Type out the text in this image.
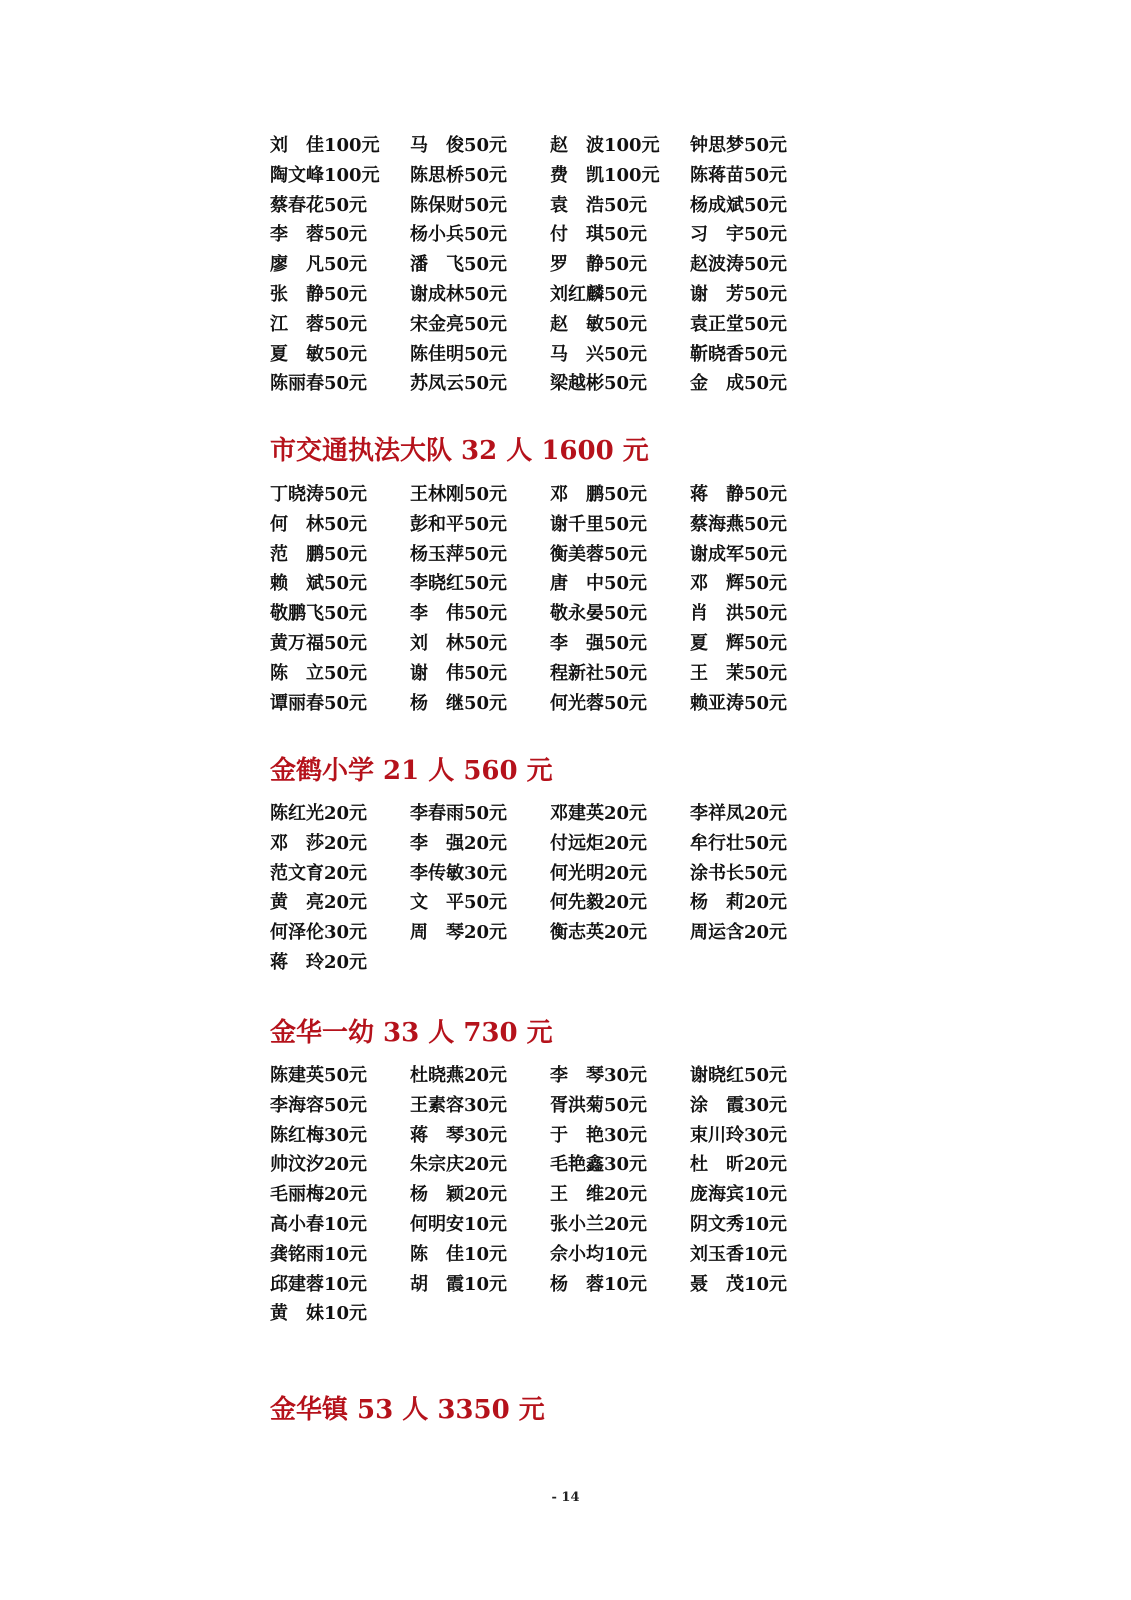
刘　佳100元	马　俊50元	赵　波100元	钟思梦50元
陶文峰100元	陈思桥50元	费　凯100元	陈蒋苗50元
蔡春花50元	陈保财50元	袁　浩50元	杨成斌50元
李　蓉50元	杨小兵50元	付　琪50元	习　宇50元
廖　凡50元	潘　飞50元	罗　静50元	赵波涛50元
张　静50元	谢成林50元	刘红麟50元	谢　芳50元
江　蓉50元	宋金亮50元	赵　敏50元	袁正堂50元
夏　敏50元	陈佳明50元	马　兴50元	靳晓香50元
陈丽春50元	苏凤云50元	梁越彬50元	金　成50元
市交通执法大队 32 人 1600 元
丁晓涛50元	王林刚50元	邓　鹏50元	蒋　静50元
何　林50元	彭和平50元	谢千里50元	蔡海燕50元
范　鹏50元	杨玉萍50元	衡美蓉50元	谢成军50元
赖　斌50元	李晓红50元	唐　中50元	邓　辉50元
敬鹏飞50元	李　伟50元	敬永晏50元	肖　洪50元
黄万福50元	刘　林50元	李　强50元	夏　辉50元
陈　立50元	谢　伟50元	程新社50元	王　茉50元
谭丽春50元	杨　继50元	何光蓉50元	赖亚涛50元
金鹤小学 21 人 560 元
陈红光20元	李春雨50元	邓建英20元	李祥凤20元
邓　莎20元	李　强20元	付远炬20元	牟行壮50元
范文育20元	李传敏30元	何光明20元	涂书长50元
黄　亮20元	文　平50元	何先毅20元	杨　莉20元
何泽伦30元	周　琴20元	衡志英20元	周运含20元
蒋　玲20元
金华一幼 33 人 730 元
陈建英50元	杜晓燕20元	李　琴30元	谢晓红50元
李海容50元	王素容30元	胥洪菊50元	涂　霞30元
陈红梅30元	蒋　琴30元	于　艳30元	束川玲30元
帅汶汐20元	朱宗庆20元	毛艳鑫30元	杜　昕20元
毛丽梅20元	杨　颖20元	王　维20元	庞海宾10元
高小春10元	何明安10元	张小兰20元	阴文秀10元
龚铭雨10元	陈　佳10元	佘小均10元	刘玉香10元
邱建蓉10元	胡　霞10元	杨　蓉10元	聂　茂10元
黄　妹10元
金华镇 53 人 3350 元
- 14
